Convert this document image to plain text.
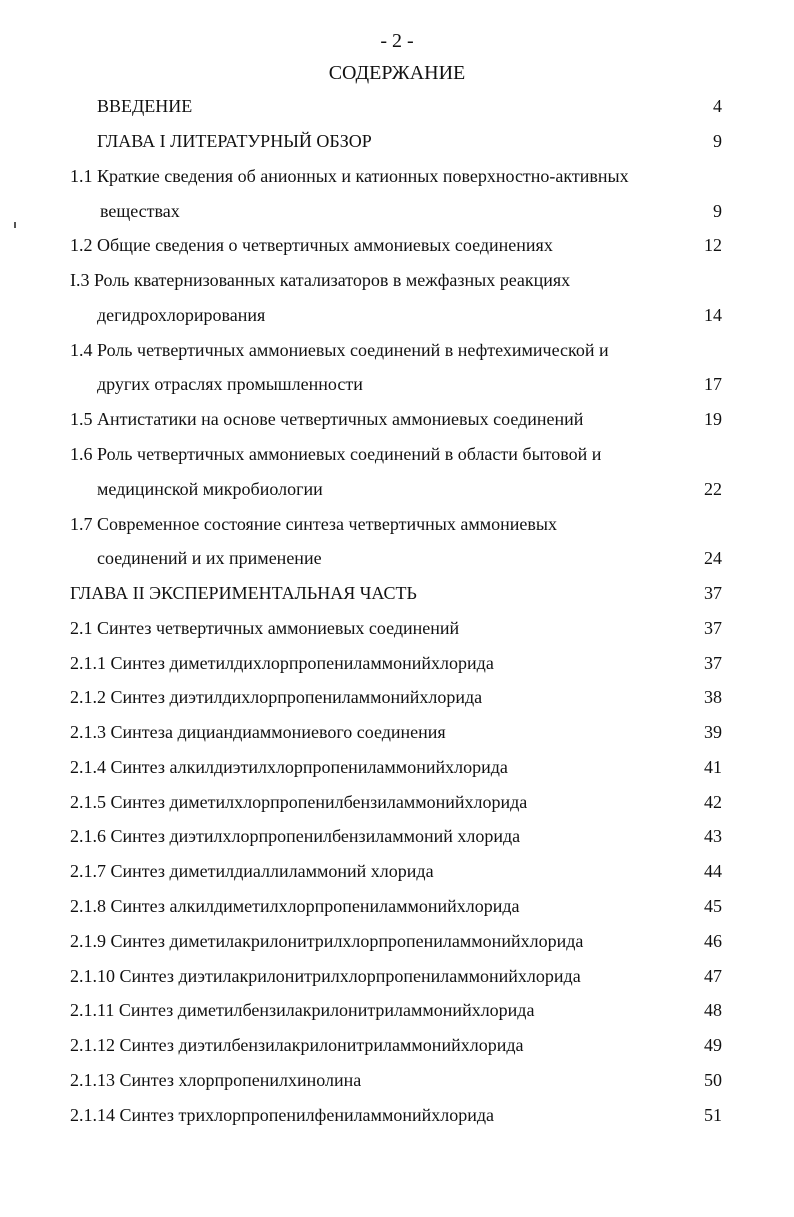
- 2 -
СОДЕРЖАНИЕ
ВВЕДЕНИЕ	4
ГЛАВА I ЛИТЕРАТУРНЫЙ ОБЗОР	9
1.1 Краткие сведения об анионных и катионных поверхностно-активных
веществах	9
1.2 Общие сведения о четвертичных аммониевых соединениях	12
I.3 Роль кватернизованных катализаторов в межфазных реакциях
дегидрохлорирования	14
1.4 Роль четвертичных аммониевых соединений в нефтехимической и
других отраслях промышленности	17
1.5 Антистатики на основе четвертичных аммониевых соединений	19
1.6 Роль четвертичных аммониевых соединений в области бытовой и
медицинской микробиологии	22
1.7 Современное состояние синтеза четвертичных аммониевых
соединений и их применение	24
ГЛАВА II ЭКСПЕРИМЕНТАЛЬНАЯ ЧАСТЬ	37
2.1 Синтез четвертичных аммониевых соединений	37
2.1.1 Синтез диметилдихлорпропениламмонийхлорида	37
2.1.2 Синтез диэтилдихлорпропениламмонийхлорида	38
2.1.3 Синтеза дициандиаммониевого соединения	39
2.1.4 Синтез алкилдиэтилхлорпропениламмонийхлорида	41
2.1.5 Синтез диметилхлорпропенилбензиламмонийхлорида	42
2.1.6 Синтез диэтилхлорпропенилбензиламмоний хлорида	43
2.1.7 Синтез диметилдиаллиламмоний хлорида	44
2.1.8 Синтез алкилдиметилхлорпропениламмонийхлорида	45
2.1.9 Синтез диметилакрилонитрилхлорпропениламмонийхлорида	46
2.1.10 Синтез диэтилакрилонитрилхлорпропениламмонийхлорида	47
2.1.11 Синтез диметилбензилакрилонитриламмонийхлорида	48
2.1.12 Синтез диэтилбензилакрилонитриламмонийхлорида	49
2.1.13 Синтез хлорпропенилхинолина	50
2.1.14 Синтез трихлорпропенилфениламмонийхлорида	51
